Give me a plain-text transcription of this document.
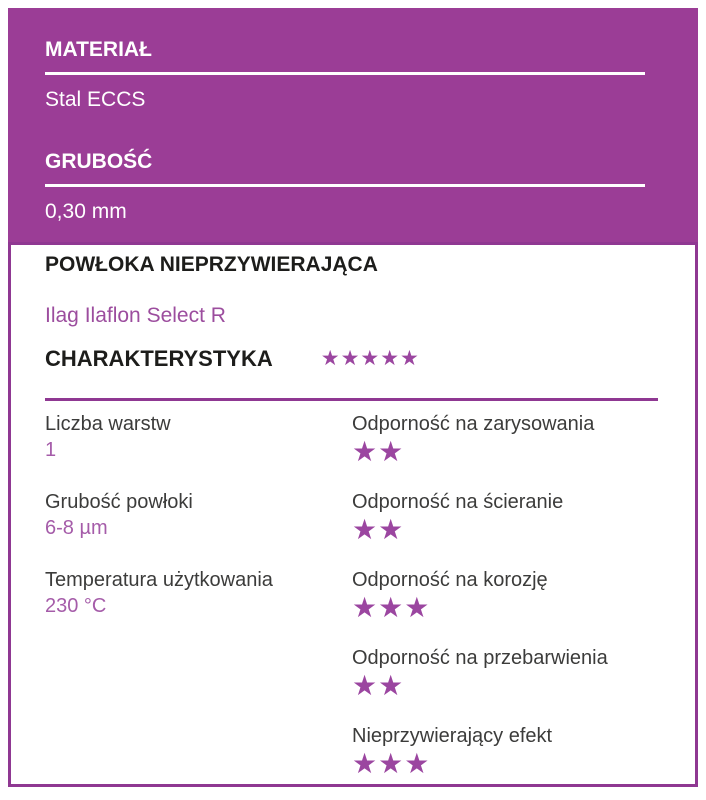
MATERIAŁ
Stal ECCS
GRUBOŚĆ
0,30 mm
POWŁOKA NIEPRZYWIERAJĄCA
Ilag Ilaflon Select R
CHARAKTERYSTYKA ★★★★★
Liczba warstw
1
Grubość powłoki
6-8 µm
Temperatura użytkowania
230 °C
Odporność na zarysowania
★★
Odporność na ścieranie
★★
Odporność na korozję
★★★
Odporność na przebarwienia
★★
Nieprzywierający efekt
★★★
